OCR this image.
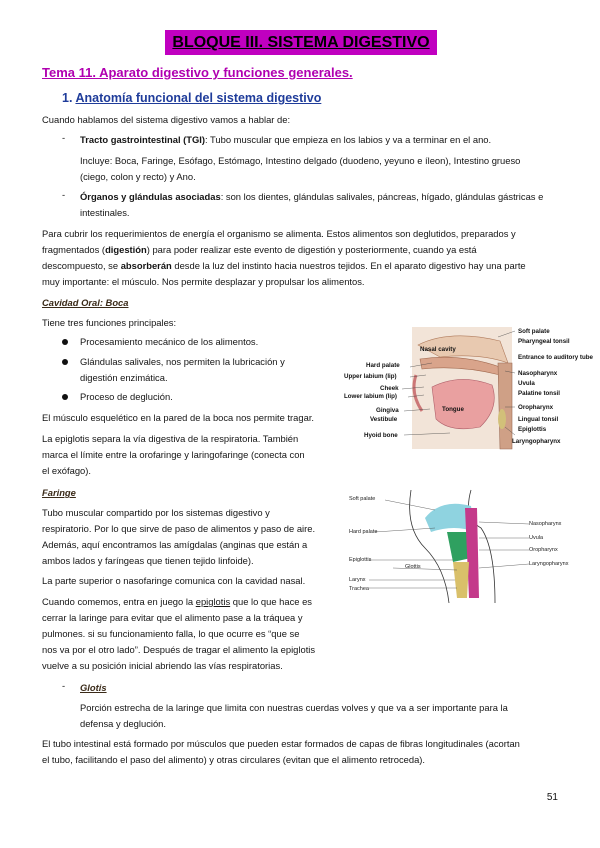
BLOQUE III. SISTEMA DIGESTIVO
Tema 11. Aparato digestivo y funciones generales.
1. Anatomía funcional del sistema digestivo
Cuando hablamos del sistema digestivo vamos a hablar de:
- Tracto gastrointestinal (TGI): Tubo muscular que empieza en los labios y va a terminar en el ano.
Incluye: Boca, Faringe, Esófago, Estómago, Intestino delgado (duodeno, yeyuno e íleon), Intestino grueso
(ciego, colon y recto) y Ano.
- Órganos y glándulas asociadas: son los dientes, glándulas salivales, páncreas, hígado, glándulas gástricas e
intestinales.
Para cubrir los requerimientos de energía el organismo se alimenta. Estos alimentos son deglutidos, preparados y
fragmentados (digestión) para poder realizar este evento de digestión y posteriormente, cuando ya está
descompuesto, se absorberán desde la luz del instinto hacia nuestros tejidos. En el aparato digestivo hay una parte
muy importante: el músculo. Nos permite desplazar y propulsar los alimentos.
Cavidad Oral: Boca
Tiene tres funciones principales:
Procesamiento mecánico de los alimentos.
Glándulas salivales, nos permiten la lubricación y
digestión enzimática.
Proceso de deglución.
El músculo esquelético en la pared de la boca nos permite tragar.
La epiglotis separa la vía digestiva de la respiratoria. También
marca el límite entre la orofaringe y laringofaringe (conecta con
el exófago).
Faringe
Tubo muscular compartido por los sistemas digestivo y
respiratorio. Por lo que sirve de paso de alimentos y paso de aire.
Además, aquí encontramos las amígdalas (anginas que están a
ambos lados y faríngeas que tienen tejido linfoide).
La parte superior o nasofaringe comunica con la cavidad nasal.
Cuando comemos, entra en juego la epiglotis que lo que hace es
cerrar la laringe para evitar que el alimento pase a la tráquea y
pulmones. si su funcionamiento falla, lo que ocurre es “que se
nos va por el otro lado”. Después de tragar el alimento la epiglotis
vuelve a su posición inicial abriendo las vías respiratorias.
- Glotis
Porción estrecha de la laringe que limita con nuestras cuerdas volves y que va a ser importante para la
defensa y deglución.
El tubo intestinal está formado por músculos que pueden estar formados de capas de fibras longitudinales (acortan
el tubo, facilitando el paso del alimento) y otras circulares (evitan que el alimento retroceda).
51
Nasal cavity
Hard palate
Upper labium (lip)
Cheek
Lower labium (lip)
Gingiva
Vestibule
Tongue
Hyoid bone
Soft palate
Pharyngeal tonsil
Entrance to auditory tube
Nasopharynx
Uvula
Palatine tonsil
Oropharynx
Lingual tonsil
Epiglottis
Laryngopharynx
Soft palate
Hard palate
Epiglottis
Glottis
Larynx
Trachea
Nasopharynx
Uvula
Oropharynx
Laryngopharynx
